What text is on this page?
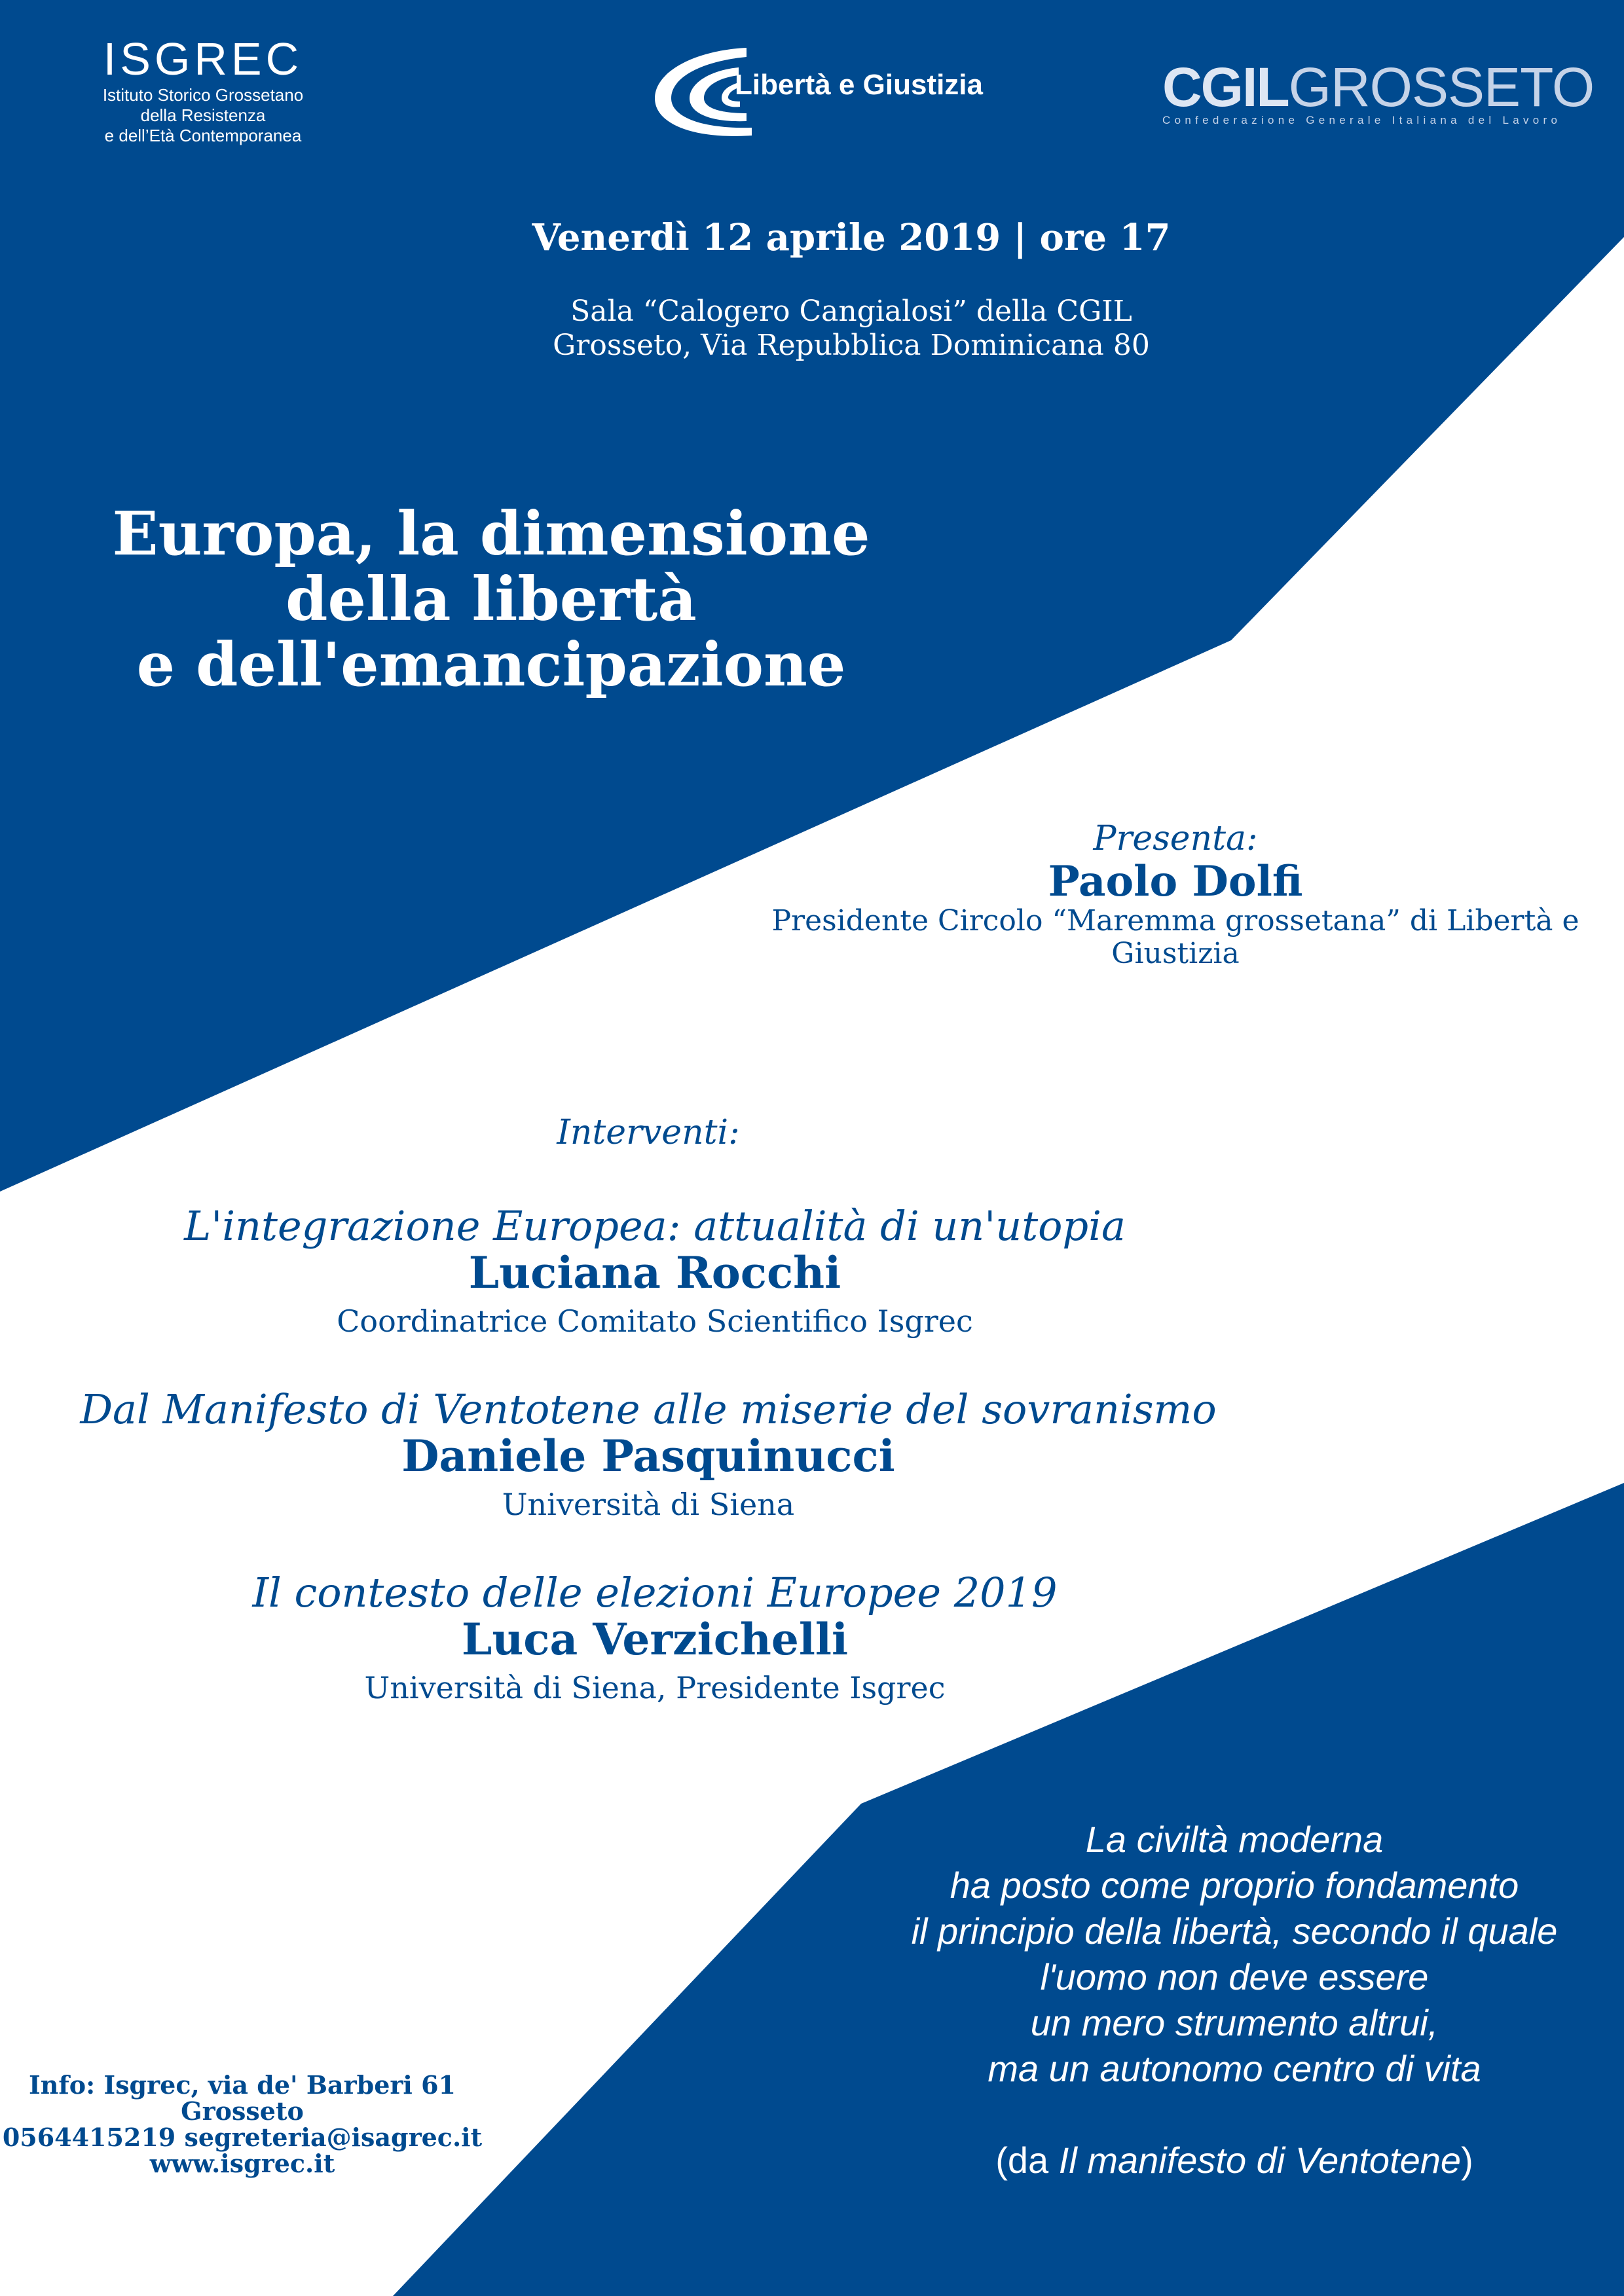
ISGREC
Istituto Storico Grossetano
della Resistenza
e dell’Età Contemporanea
Libertà e Giustizia	CGILGROSSETO
Confederazione Generale Italiana del Lavoro
Venerdì 12 aprile 2019 | ore 17
Sala “Calogero Cangialosi” della CGIL
Grosseto, Via Repubblica Dominicana 80
Europa, la dimensione
della libertà
e dell'emancipazione
Presenta:
Paolo Dolfi
Presidente Circolo “Maremma grossetana” di Libertà e
Giustizia
Interventi:
L'integrazione Europea: attualità di un'utopia
Luciana Rocchi
Coordinatrice Comitato Scientifico Isgrec
Dal Manifesto di Ventotene alle miserie del sovranismo
Daniele Pasquinucci
Università di Siena
Il contesto delle elezioni Europee 2019
Luca Verzichelli
Università di Siena, Presidente Isgrec
Info: Isgrec, via de' Barberi 61
Grosseto
0564415219 segreteria@isagrec.it
www.isgrec.it
La civiltà moderna
ha posto come proprio fondamento
il principio della libertà, secondo il quale
l'uomo non deve essere
un mero strumento altrui,
ma un autonomo centro di vita
(da Il manifesto di Ventotene)
